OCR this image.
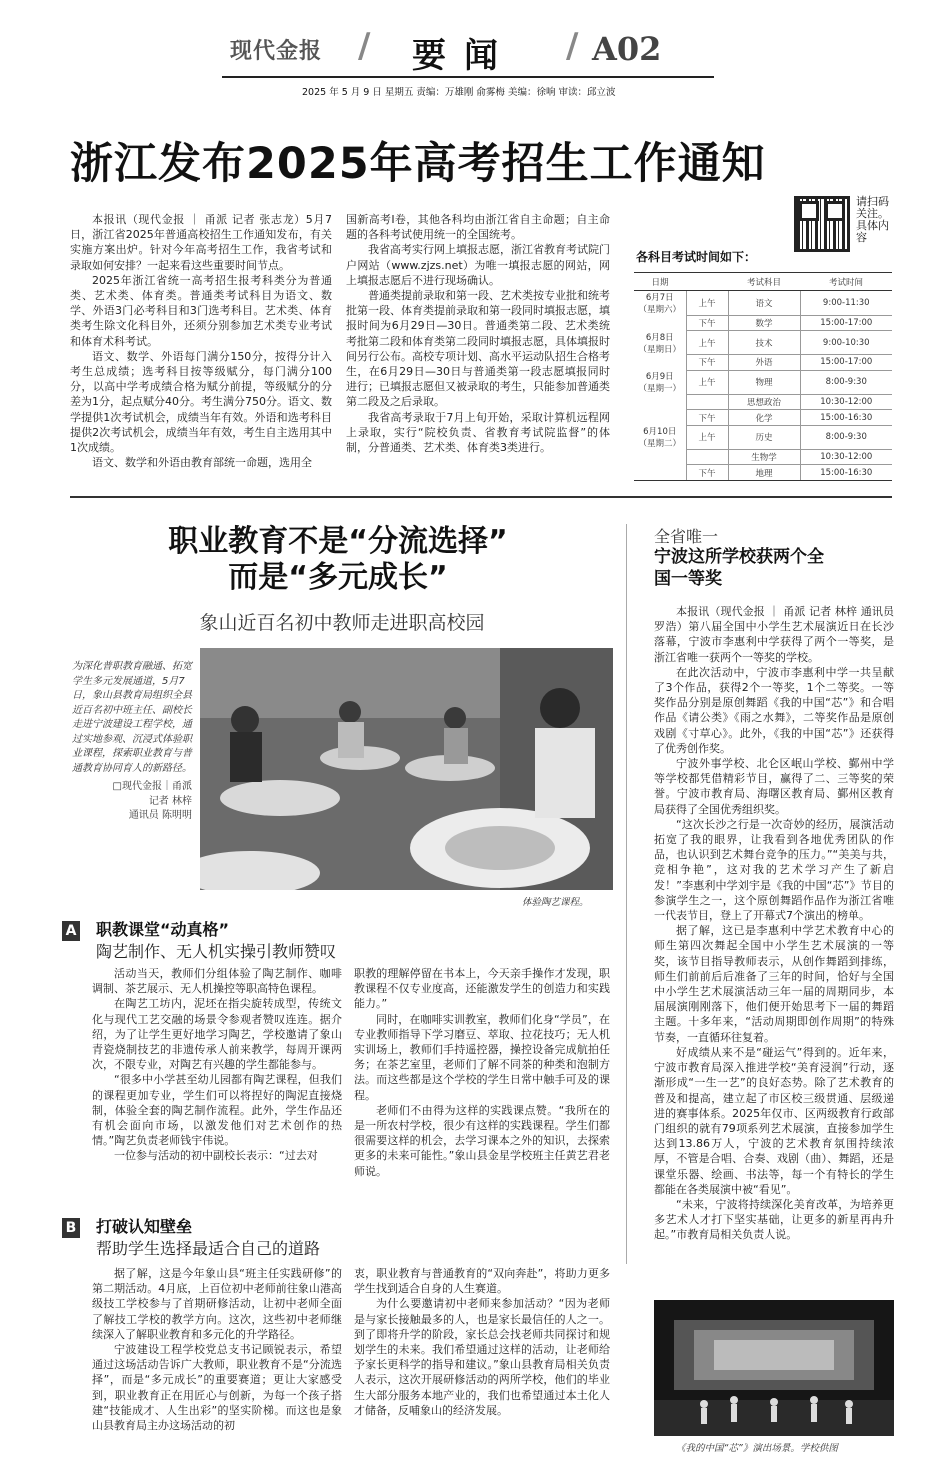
现代金报 / 要闻 / A02
2025 年 5 月 9 日 星期五 责编：万雄刚 俞雾梅 美编：徐响 审读：邱立波
浙江发布2025年高考招生工作通知
请扫码关注。
具体内容

本报讯（现代金报 ｜ 甬派 记者 张志龙）5月7日，浙江省2025年普通高校招生工作通知发布，有关实施方案出炉。针对今年高考招生工作，我省考试和录取如何安排？一起来看这些重要时间节点。

2025年浙江省统一高考招生报考科类分为普通类、艺术类、体育类。普通类考试科目为语文、数学、外语3门必考科目和3门选考科目。艺术类、体育类考生除文化科目外，还须分别参加艺术类专业考试和体育术科考试。

语文、数学、外语每门满分150分，按得分计入考生总成绩；选考科目按等级赋分，每门满分100分，以高中学考成绩合格为赋分前提，等级赋分的分差为1分，起点赋分40分。考生满分750分。语文、数学提供1次考试机会，成绩当年有效。外语和选考科目提供2次考试机会，成绩当年有效，考生自主选用其中1次成绩。

语文、数学和外语由教育部统一命题，选用全

国新高考Ⅰ卷，其他各科均由浙江省自主命题；自主命题的各科考试使用统一的全国统考。

我省高考实行网上填报志愿，浙江省教育考试院门户网站（www.zjzs.net）为唯一填报志愿的网站，网上填报志愿后不进行现场确认。

普通类提前录取和第一段、艺术类按专业批和统考批第一段、体育类提前录取和第一段同时填报志愿，填报时间为6月29日—30日。普通类第二段、艺术类统考批第二段和体育类第二段同时填报志愿，具体填报时间另行公布。高校专项计划、高水平运动队招生合格考生，在6月29日—30日与普通类第一段志愿填报同时进行；已填报志愿但又被录取的考生，只能参加普通类第二段及之后录取。

我省高考录取于7月上旬开始，采取计算机远程网上录取，实行“院校负责、省教育考试院监督”的体制，分普通类、艺术类、体育类3类进行。

各科目考试时间如下：
日期		考试科目	考试时间

6月7日
（星期六）	上午	语文	9:00-11:30
	下午	数学	15:00-17:00

6月8日
（星期日）	上午	技术	9:00-10:30
	下午	外语	15:00-17:00

6月9日
（星期一）	上午	物理	8:00-9:30
		思想政治	10:30-12:00
	下午	化学	15:00-16:30

6月10日
（星期二）	上午	历史	8:00-9:30
		生物学	10:30-12:00
	下午	地理	15:00-16:30
职业教育不是“分流选择”
而是“多元成长”
象山近百名初中教师走进职高校园
为深化普职教育融通、拓宽学生多元发展通道，5月7日，象山县教育局组织全县近百名初中班主任、副校长走进宁波建设工程学校，通过实地参观、沉浸式体验职业课程，探索职业教育与普通教育协同育人的新路径。
□现代金报｜甬派
记者 林梓
通讯员 陈明明
体验陶艺课程。
A 职教课堂“动真格”
陶艺制作、无人机实操引教师赞叹

活动当天，教师们分组体验了陶艺制作、咖啡调制、茶艺展示、无人机操控等职高特色课程。

在陶艺工坊内，泥坯在指尖旋转成型，传统文化与现代工艺交融的场景令参观者赞叹连连。据介绍，为了让学生更好地学习陶艺，学校邀请了象山青瓷烧制技艺的非遗传承人前来教学，每周开课两次，不限专业，对陶艺有兴趣的学生都能参与。

“很多中小学甚至幼儿园都有陶艺课程，但我们的课程更加专业，学生们可以将捏好的陶泥直接烧制，体验全套的陶艺制作流程。此外，学生作品还有机会面向市场，以激发他们对艺术创作的热情。”陶艺负责老师钱宇伟说。

一位参与活动的初中副校长表示：“过去对

职教的理解停留在书本上，今天亲手操作才发现，职教课程不仅专业度高，还能激发学生的创造力和实践能力。”

同时，在咖啡实训教室，教师们化身“学员”，在专业教师指导下学习磨豆、萃取、拉花技巧；无人机实训场上，教师们手持遥控器，操控设备完成航拍任务；在茶艺室里，老师们了解不同茶的种类和泡制方法。而这些都是这个学校的学生日常中触手可及的课程。

老师们不由得为这样的实践课点赞。“我所在的是一所农村学校，很少有这样的实践课程。学生们都很需要这样的机会，去学习课本之外的知识，去探索更多的未来可能性。”象山县金星学校班主任黄艺君老师说。

B 打破认知壁垒
帮助学生选择最适合自己的道路

据了解，这是今年象山县“班主任实践研修”的第二期活动。4月底，上百位初中老师前往象山港高级技工学校参与了首期研修活动，让初中老师全面了解技工学校的教学方向。这次，这些初中老师继续深入了解职业教育和多元化的升学路径。

宁波建设工程学校党总支书记顾锐表示，希望通过这场活动告诉广大教师，职业教育不是“分流选择”，而是“多元成长”的重要赛道；更让大家感受到，职业教育正在用匠心与创新，为每一个孩子搭建“技能成才、人生出彩”的坚实阶梯。而这也是象山县教育局主办这场活动的初

衷，职业教育与普通教育的“双向奔赴”，将助力更多学生找到适合自身的人生赛道。

为什么要邀请初中老师来参加活动？“因为老师是与家长接触最多的人，也是家长最信任的人之一。到了即将升学的阶段，家长总会找老师共同探讨和规划学生的未来。我们希望通过这样的活动，让老师给予家长更科学的指导和建议。”象山县教育局相关负责人表示，这次开展研修活动的两所学校，他们的毕业生大部分服务本地产业的，我们也希望通过本土化人才储备，反哺象山的经济发展。

全省唯一
宁波这所学校获两个全国一等奖

本报讯（现代金报 ｜ 甬派 记者 林梓 通讯员 罗浩）第八届全国中小学生艺术展演近日在长沙落幕，宁波市李惠利中学获得了两个一等奖，是浙江省唯一获两个一等奖的学校。

在此次活动中，宁波市李惠利中学一共呈献了3个作品，获得2个一等奖，1个二等奖。一等奖作品分别是原创舞蹈《我的中国“芯”》和合唱作品《请公类》《雨之水舞》，二等奖作品是原创戏剧《寸草心》。此外，《我的中国“芯”》还获得了优秀创作奖。

宁波外事学校、北仑区岷山学校、鄞州中学等学校都凭借精彩节目，赢得了二、三等奖的荣誉。宁波市教育局、海曙区教育局、鄞州区教育局获得了全国优秀组织奖。

“这次长沙之行是一次奇妙的经历，展演活动拓宽了我的眼界，让我看到各地优秀团队的作品，也认识到艺术舞台竞争的压力。”“美美与共，竞相争艳”，这对我的艺术学习产生了新启发！”李惠利中学刘宇是《我的中国“芯”》节目的参演学生之一，这个原创舞蹈作品作为浙江省唯一代表节目，登上了开幕式7个演出的榜单。

据了解，这已是李惠利中学艺术教育中心的师生第四次舞起全国中小学生艺术展演的一等奖，该节目指导教师表示，从创作舞蹈到排练，师生们前前后后准备了三年的时间，恰好与全国中小学生艺术展演活动三年一届的周期同步，本届展演刚刚落下，他们便开始思考下一届的舞蹈主题。十多年来，“活动周期即创作周期”的特殊节奏，一直循环往复着。

好成绩从来不是“碰运气”得到的。近年来，宁波市教育局深入推进学校“美育浸润”行动，逐渐形成“一生一艺”的良好态势。除了艺术教育的普及和提高，建立起了市区校三级贯通、层级递进的赛事体系。2025年仅市、区两级教育行政部门组织的就有79项系列艺术展演，直接参加学生达到13.86万人，宁波的艺术教育氛围持续浓厚，不管是合唱、合奏、戏剧（曲）、舞蹈，还是课堂乐器、绘画、书法等，每一个有特长的学生都能在各类展演中被“看见”。

“未来，宁波将持续深化美育改革，为培养更多艺术人才打下坚实基础，让更多的新星再冉升起。”市教育局相关负责人说。

《我的中国“芯”》演出场景。学校供图
